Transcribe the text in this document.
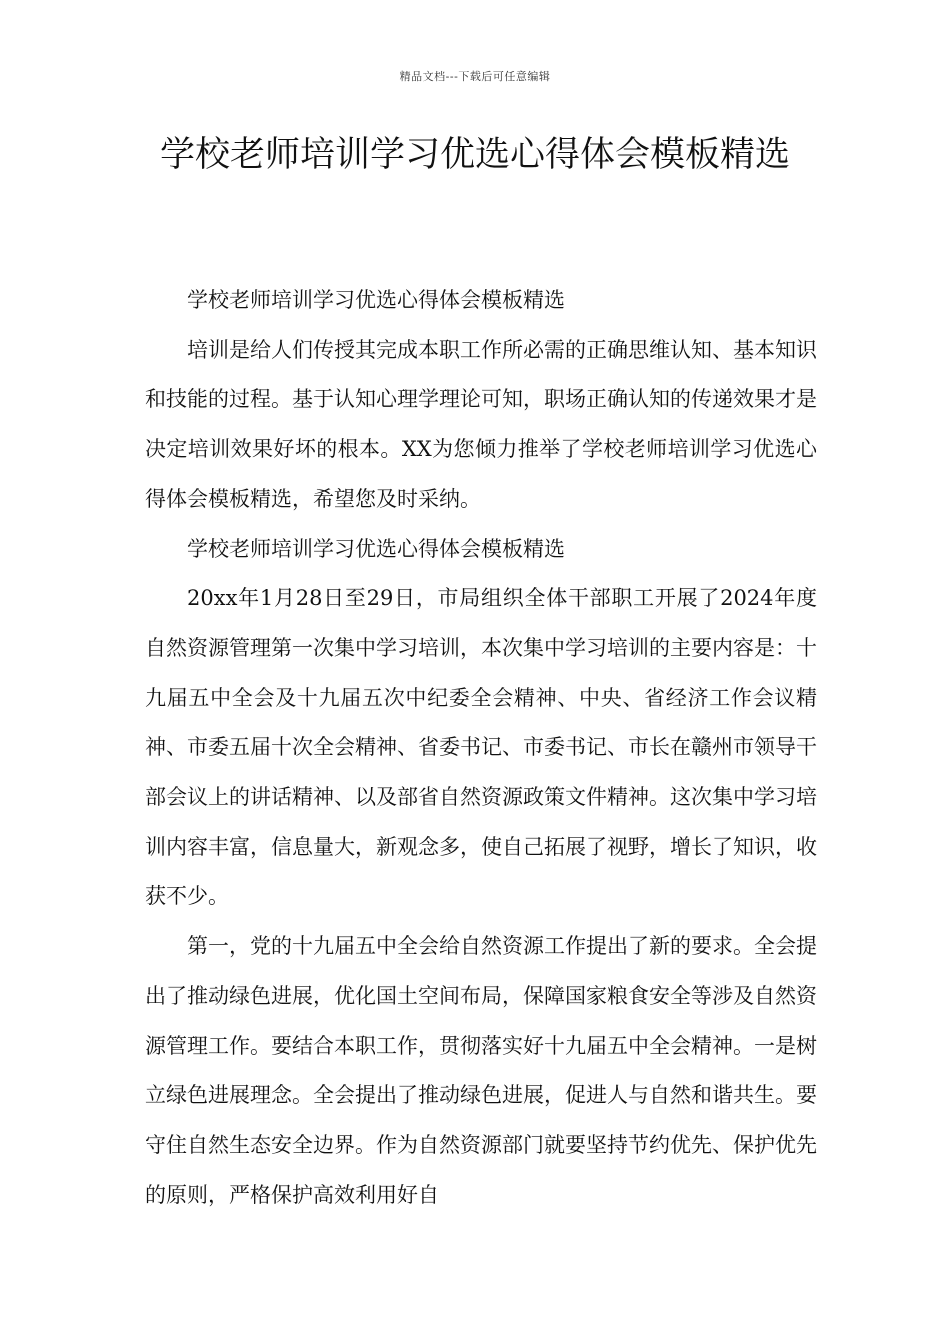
精品文档---下载后可任意编辑
学校老师培训学习优选心得体会模板精选

学校老师培训学习优选心得体会模板精选

培训是给人们传授其完成本职工作所必需的正确思维认知、基本知识和技能的过程。基于认知心理学理论可知，职场正确认知的传递效果才是决定培训效果好坏的根本。XX为您倾力推举了学校老师培训学习优选心得体会模板精选，希望您及时采纳。

学校老师培训学习优选心得体会模板精选

20xx年1月28日至29日，市局组织全体干部职工开展了2024年度自然资源管理第一次集中学习培训，本次集中学习培训的主要内容是：十九届五中全会及十九届五次中纪委全会精神、中央、省经济工作会议精神、市委五届十次全会精神、省委书记、市委书记、市长在赣州市领导干部会议上的讲话精神、以及部省自然资源政策文件精神。这次集中学习培训内容丰富，信息量大，新观念多，使自己拓展了视野，增长了知识，收获不少。

第一，党的十九届五中全会给自然资源工作提出了新的要求。全会提出了推动绿色进展，优化国土空间布局，保障国家粮食安全等涉及自然资源管理工作。要结合本职工作，贯彻落实好十九届五中全会精神。一是树立绿色进展理念。全会提出了推动绿色进展，促进人与自然和谐共生。要守住自然生态安全边界。作为自然资源部门就要坚持节约优先、保护优先的原则，严格保护高效利用好自
